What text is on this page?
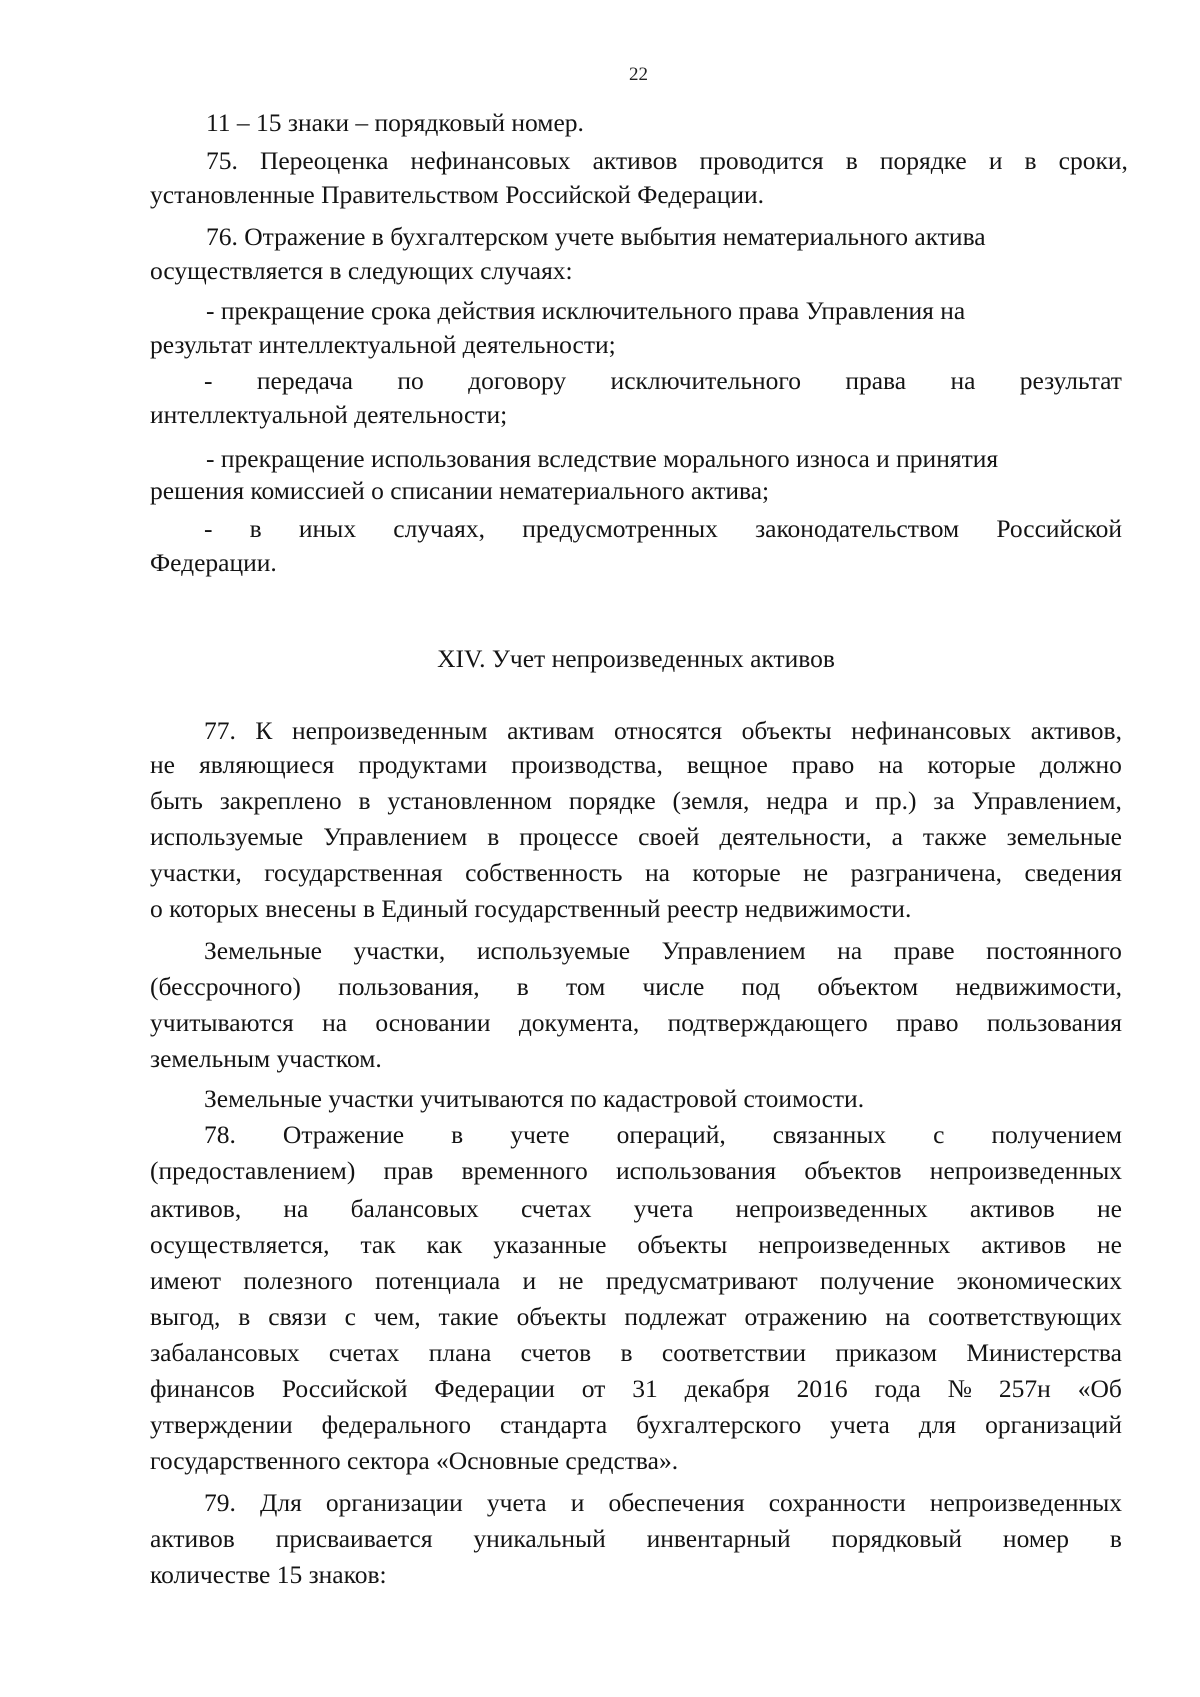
22
11 – 15 знаки – порядковый номер.
75. Переоценка нефинансовых активов проводится в порядке и в сроки,
установленные Правительством Российской Федерации.
76. Отражение в бухгалтерском учете выбытия нематериального актива
осуществляется в следующих случаях:
- прекращение срока действия исключительного права Управления на
результат интеллектуальной деятельности;
- передача по договору исключительного права на результат
интеллектуальной деятельности;
- прекращение использования вследствие морального износа и принятия
решения комиссией о списании нематериального актива;
- в иных случаях, предусмотренных законодательством Российской
Федерации.
XIV. Учет непроизведенных активов
77. К непроизведенным активам относятся объекты нефинансовых активов,
не являющиеся продуктами производства, вещное право на которые должно
быть закреплено в установленном порядке (земля, недра и пр.) за Управлением,
используемые Управлением в процессе своей деятельности, а также земельные
участки, государственная собственность на которые не разграничена, сведения
о которых внесены в Единый государственный реестр недвижимости.
Земельные участки, используемые Управлением на праве постоянного
(бессрочного) пользования, в том числе под объектом недвижимости,
учитываются на основании документа, подтверждающего право пользования
земельным участком.
Земельные участки учитываются по кадастровой стоимости.
78. Отражение в учете операций, связанных с получением
(предоставлением) прав временного использования объектов непроизведенных
активов, на балансовых счетах учета непроизведенных активов не
осуществляется, так как указанные объекты непроизведенных активов не
имеют полезного потенциала и не предусматривают получение экономических
выгод, в связи с чем, такие объекты подлежат отражению на соответствующих
забалансовых счетах плана счетов в соответствии приказом Министерства
финансов Российской Федерации от 31 декабря 2016 года № 257н «Об
утверждении федерального стандарта бухгалтерского учета для организаций
государственного сектора «Основные средства».
79. Для организации учета и обеспечения сохранности непроизведенных
активов присваивается уникальный инвентарный порядковый номер в
количестве 15 знаков:
